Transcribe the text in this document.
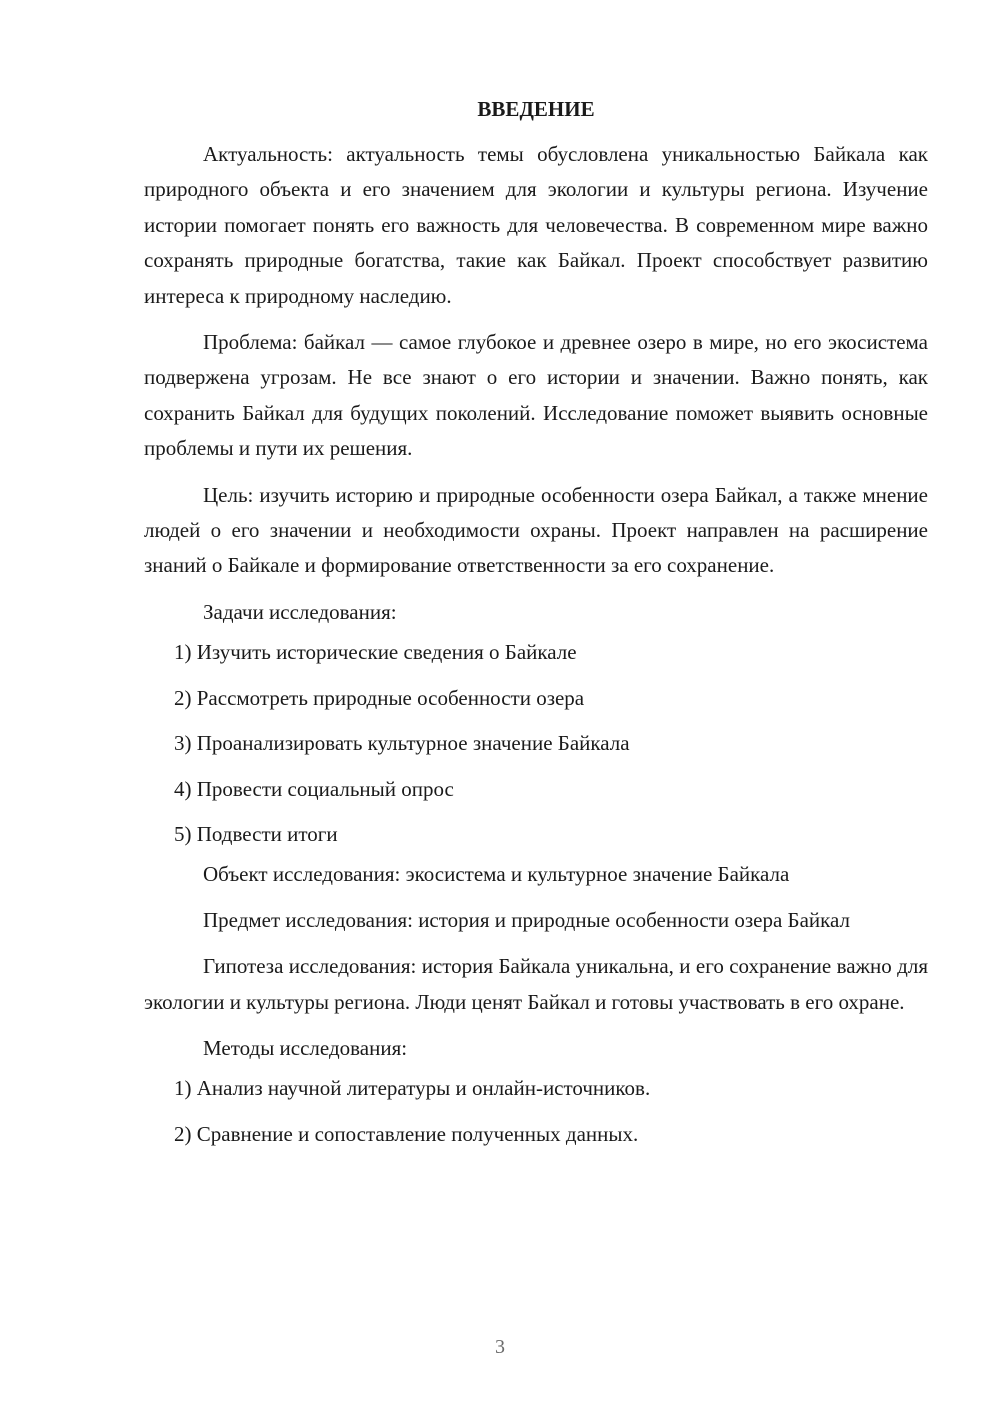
ВВЕДЕНИЕ

Актуальность: актуальность темы обусловлена уникальностью Байкала как природного объекта и его значением для экологии и культуры региона. Изучение истории помогает понять его важность для человечества. В современном мире важно сохранять природные богатства, такие как Байкал. Проект способствует развитию интереса к природному наследию.

Проблема: байкал — самое глубокое и древнее озеро в мире, но его экосистема подвержена угрозам. Не все знают о его истории и значении. Важно понять, как сохранить Байкал для будущих поколений. Исследование поможет выявить основные проблемы и пути их решения.

Цель: изучить историю и природные особенности озера Байкал, а также мнение людей о его значении и необходимости охраны. Проект направлен на расширение знаний о Байкале и формирование ответственности за его сохранение.

Задачи исследования:

1) Изучить исторические сведения о Байкале

2) Рассмотреть природные особенности озера

3) Проанализировать культурное значение Байкала

4) Провести социальный опрос

5) Подвести итоги

Объект исследования: экосистема и культурное значение Байкала

Предмет исследования: история и природные особенности озера Байкал

Гипотеза исследования: история Байкала уникальна, и его сохранение важно для экологии и культуры региона. Люди ценят Байкал и готовы участвовать в его охране.

Методы исследования:

1) Анализ научной литературы и онлайн-источников.

2) Сравнение и сопоставление полученных данных.

3
